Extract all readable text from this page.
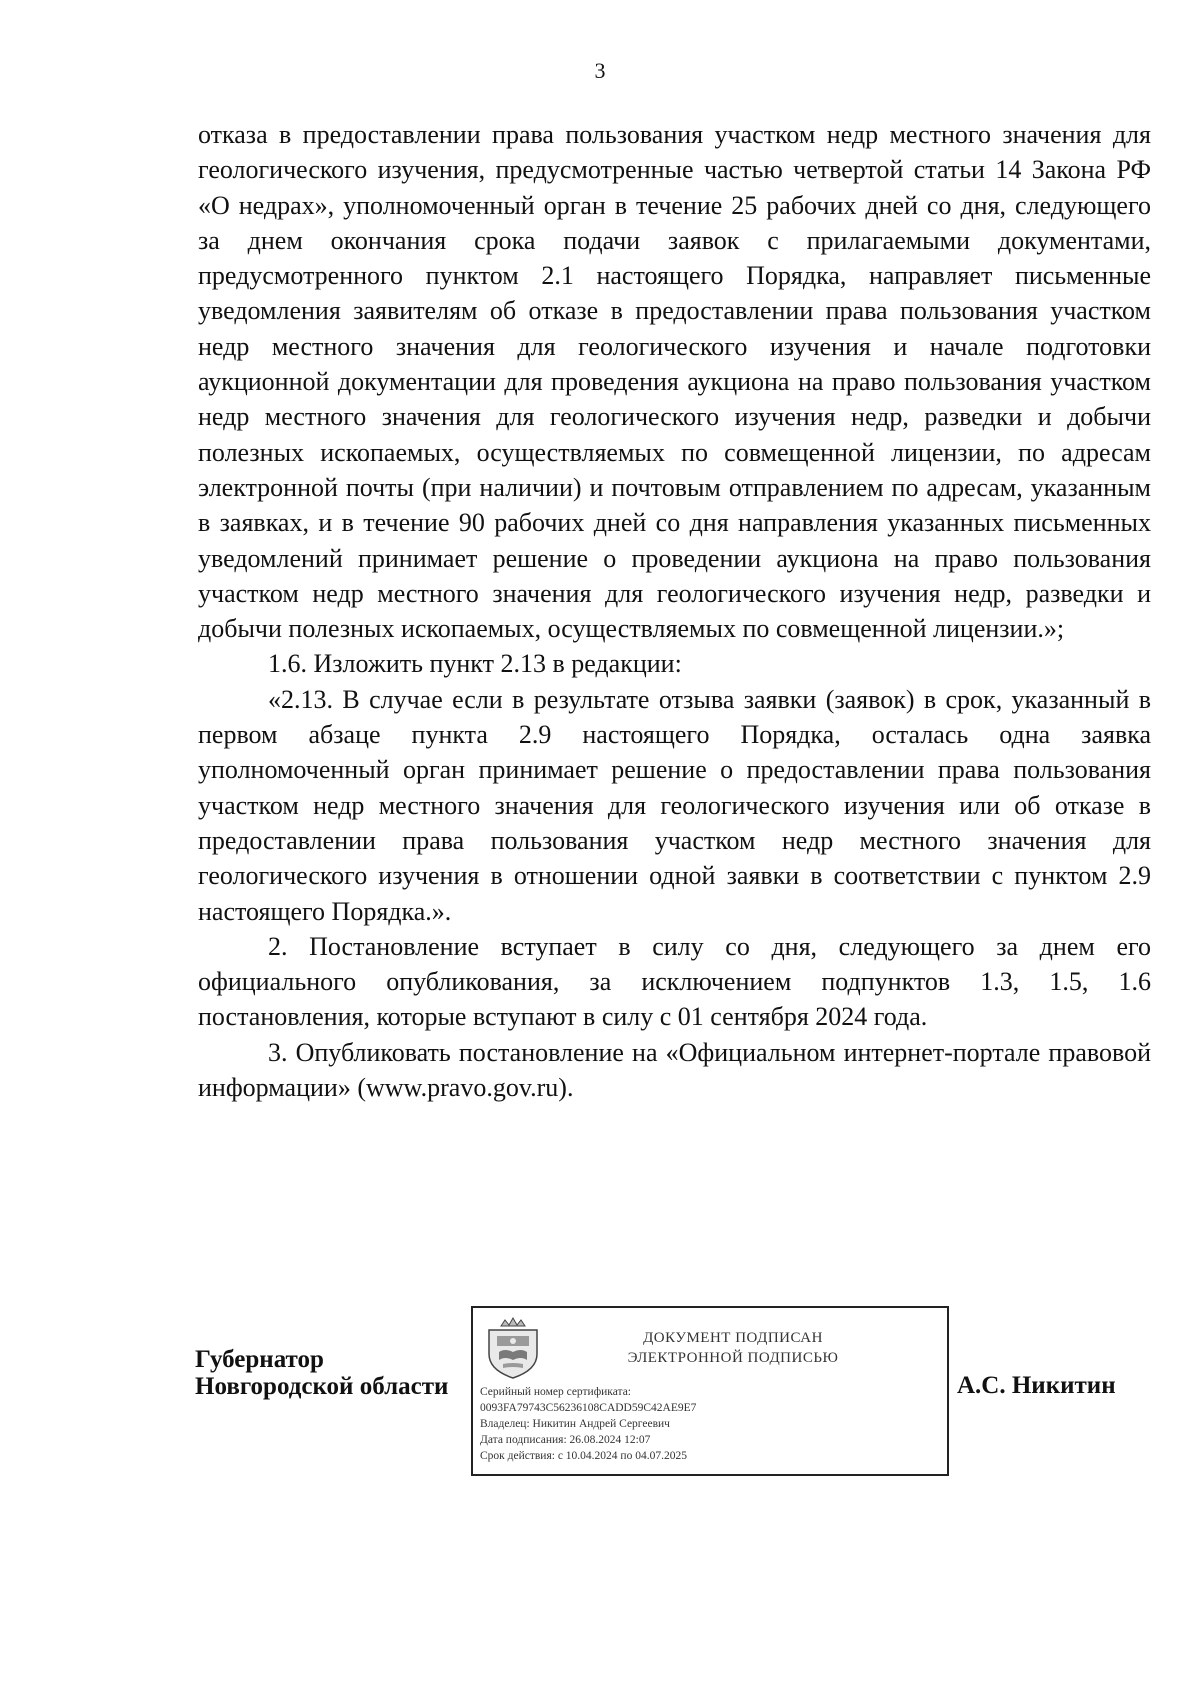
3

отказа в предоставлении права пользования участком недр местного значения для геологического изучения, предусмотренные частью четвертой статьи 14 Закона РФ «О недрах», уполномоченный орган в течение 25 рабочих дней со дня, следующего за днем окончания срока подачи заявок с прилагаемыми документами, предусмотренного пунктом 2.1 настоящего Порядка, направляет письменные уведомления заявителям об отказе в предоставлении права пользования участком недр местного значения для геологического изучения и начале подготовки аукционной документации для проведения аукциона на право пользования участком недр местного значения для геологического изучения недр, разведки и добычи полезных ископаемых, осуществляемых по совмещенной лицензии, по адресам электронной почты (при наличии) и почтовым отправлением по адресам, указанным в заявках, и в течение 90 рабочих дней со дня направления указанных письменных уведомлений принимает решение о проведении аукциона на право пользования участком недр местного значения для геологического изучения недр, разведки и добычи полезных ископаемых, осуществляемых по совмещенной лицензии.»;

1.6. Изложить пункт 2.13 в редакции:

«2.13. В случае если в результате отзыва заявки (заявок) в срок, указанный в первом абзаце пункта 2.9 настоящего Порядка, осталась одна заявка уполномоченный орган принимает решение о предоставлении права пользования участком недр местного значения для геологического изучения или об отказе в предоставлении права пользования участком недр местного значения для геологического изучения в отношении одной заявки в соответствии с пунктом 2.9 настоящего Порядка.».

2. Постановление вступает в силу со дня, следующего за днем его официального опубликования, за исключением подпунктов 1.3, 1.5, 1.6 постановления, которые вступают в силу с 01 сентября 2024 года.

3. Опубликовать постановление на «Официальном интернет-портале правовой информации» (www.pravo.gov.ru).

Губернатор
Новгородской области
ДОКУМЕНТ ПОДПИСАН
ЭЛЕКТРОННОЙ ПОДПИСЬЮ
Серийный номер сертификата:
0093FA79743C56236108CADD59C42AE9E7
Владелец: Никитин Андрей Сергеевич
Дата подписания: 26.08.2024 12:07
Срок действия: с 10.04.2024 по 04.07.2025
А.С. Никитин
